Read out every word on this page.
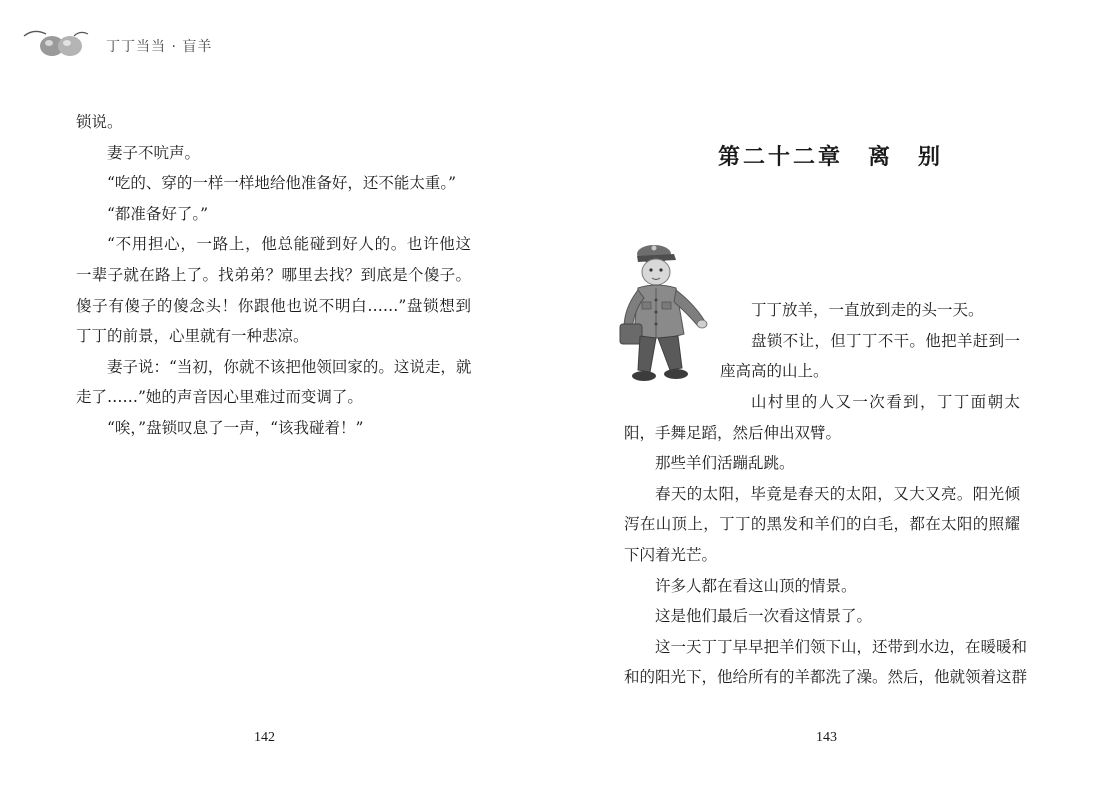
丁丁当当 · 盲羊
锁说。
妻子不吭声。
“吃的、穿的一样一样地给他准备好，还不能太重。”
“都准备好了。”
“不用担心，一路上，他总能碰到好人的。也许他这
一辈子就在路上了。找弟弟？哪里去找？到底是个傻子。
傻子有傻子的傻念头！你跟他也说不明白……”盘锁想到
丁丁的前景，心里就有一种悲凉。
妻子说：“当初，你就不该把他领回家的。这说走，就
走了……”她的声音因心里难过而变调了。
“唉，”盘锁叹息了一声，“该我碰着！”
142
第二十二章　离　别
丁丁放羊，一直放到走的头一天。
盘锁不让，但丁丁不干。他把羊赶到一
座高高的山上。
山村里的人又一次看到，丁丁面朝太
阳，手舞足蹈，然后伸出双臂。
那些羊们活蹦乱跳。
春天的太阳，毕竟是春天的太阳，又大又亮。阳光倾
泻在山顶上，丁丁的黑发和羊们的白毛，都在太阳的照耀
下闪着光芒。
许多人都在看这山顶的情景。
这是他们最后一次看这情景了。
这一天丁丁早早把羊们领下山，还带到水边，在暖暖和
和的阳光下，他给所有的羊都洗了澡。然后，他就领着这群
143
